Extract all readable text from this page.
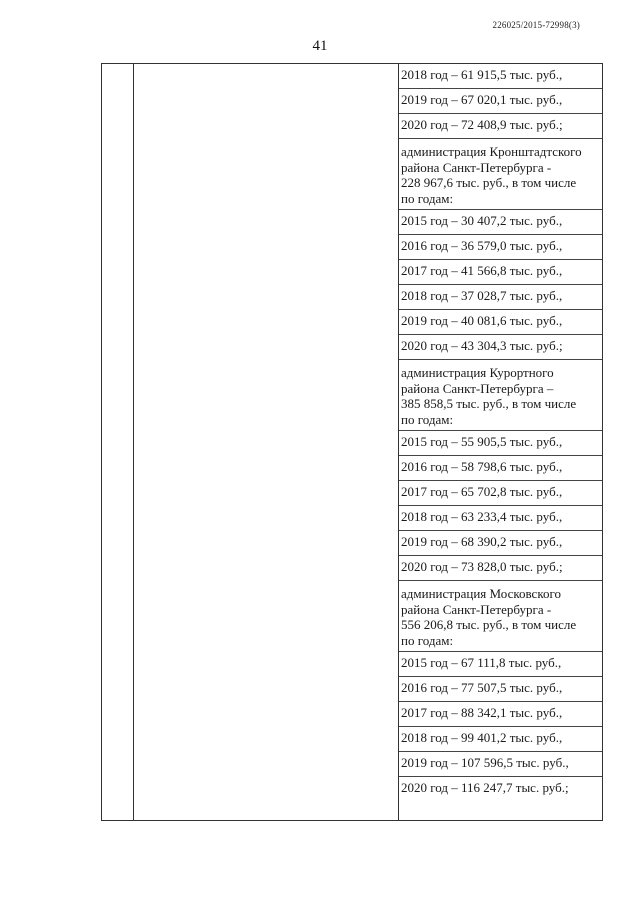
226025/2015-72998(3)
41
2018 год – 61 915,5 тыс. руб.,
2019 год – 67 020,1 тыс. руб.,
2020 год – 72 408,9 тыс. руб.;
администрация Кронштадтского
района Санкт-Петербурга -
228 967,6 тыс. руб., в том числе
по годам:
2015 год – 30 407,2 тыс. руб.,
2016 год – 36 579,0 тыс. руб.,
2017 год – 41 566,8 тыс. руб.,
2018 год – 37 028,7 тыс. руб.,
2019 год – 40 081,6 тыс. руб.,
2020 год – 43 304,3 тыс. руб.;
администрация Курортного
района Санкт-Петербурга –
385 858,5 тыс. руб., в том числе
по годам:
2015 год – 55 905,5 тыс. руб.,
2016 год – 58 798,6 тыс. руб.,
2017 год – 65 702,8 тыс. руб.,
2018 год – 63 233,4 тыс. руб.,
2019 год – 68 390,2 тыс. руб.,
2020 год – 73 828,0 тыс. руб.;
администрация Московского
района Санкт-Петербурга -
556 206,8 тыс. руб., в том числе
по годам:
2015 год – 67 111,8 тыс. руб.,
2016 год – 77 507,5 тыс. руб.,
2017 год – 88 342,1 тыс. руб.,
2018 год – 99 401,2 тыс. руб.,
2019 год – 107 596,5 тыс. руб.,
2020 год – 116 247,7 тыс. руб.;
